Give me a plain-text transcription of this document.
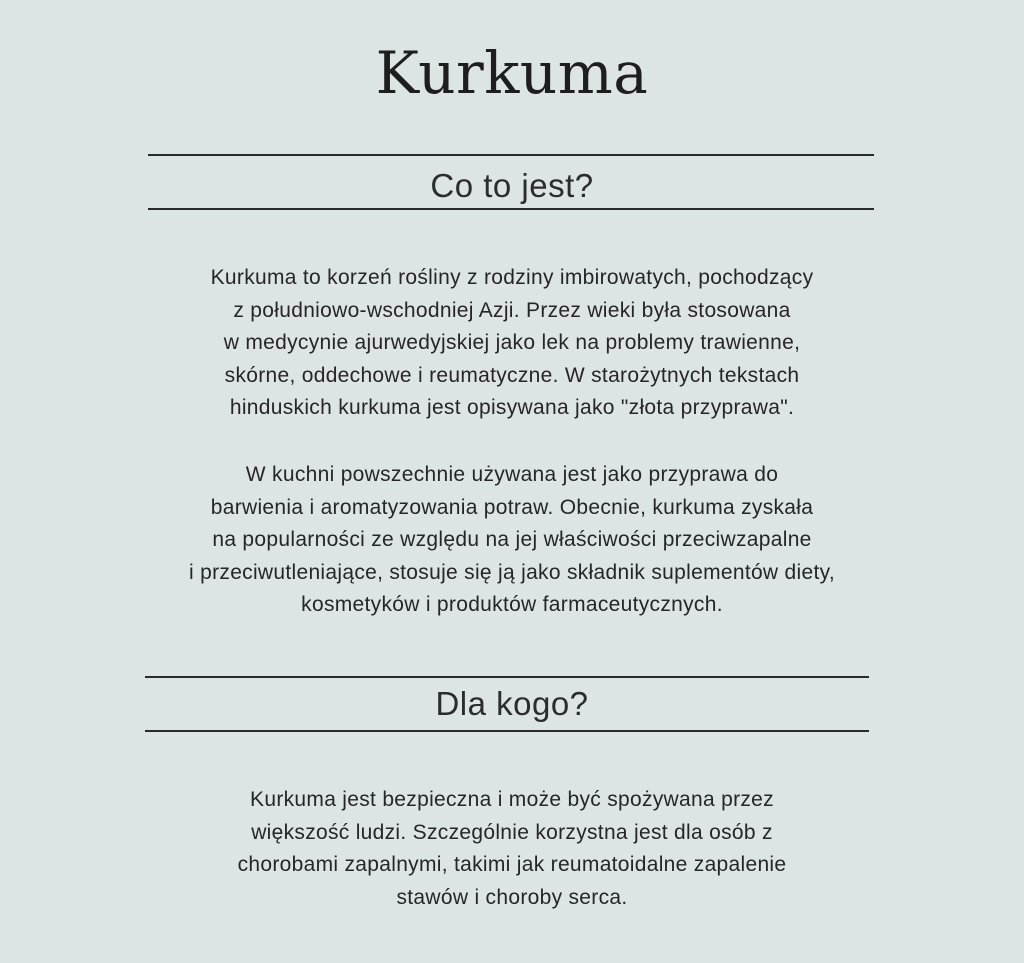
Kurkuma
Co to jest?
Kurkuma to korzeń rośliny z rodziny imbirowatych, pochodzący
z południowo-wschodniej Azji. Przez wieki była stosowana
w medycynie ajurwedyjskiej jako lek na problemy trawienne,
skórne, oddechowe i reumatyczne. W starożytnych tekstach
hinduskich kurkuma jest opisywana jako "złota przyprawa".
W kuchni powszechnie używana jest jako przyprawa do
barwienia i aromatyzowania potraw. Obecnie, kurkuma zyskała
na popularności ze względu na jej właściwości przeciwzapalne
i przeciwutleniające, stosuje się ją jako składnik suplementów diety,
kosmetyków i produktów farmaceutycznych.
Dla kogo?
Kurkuma jest bezpieczna i może być spożywana przez
większość ludzi. Szczególnie korzystna jest dla osób z
chorobami zapalnymi, takimi jak reumatoidalne zapalenie
stawów i choroby serca.
